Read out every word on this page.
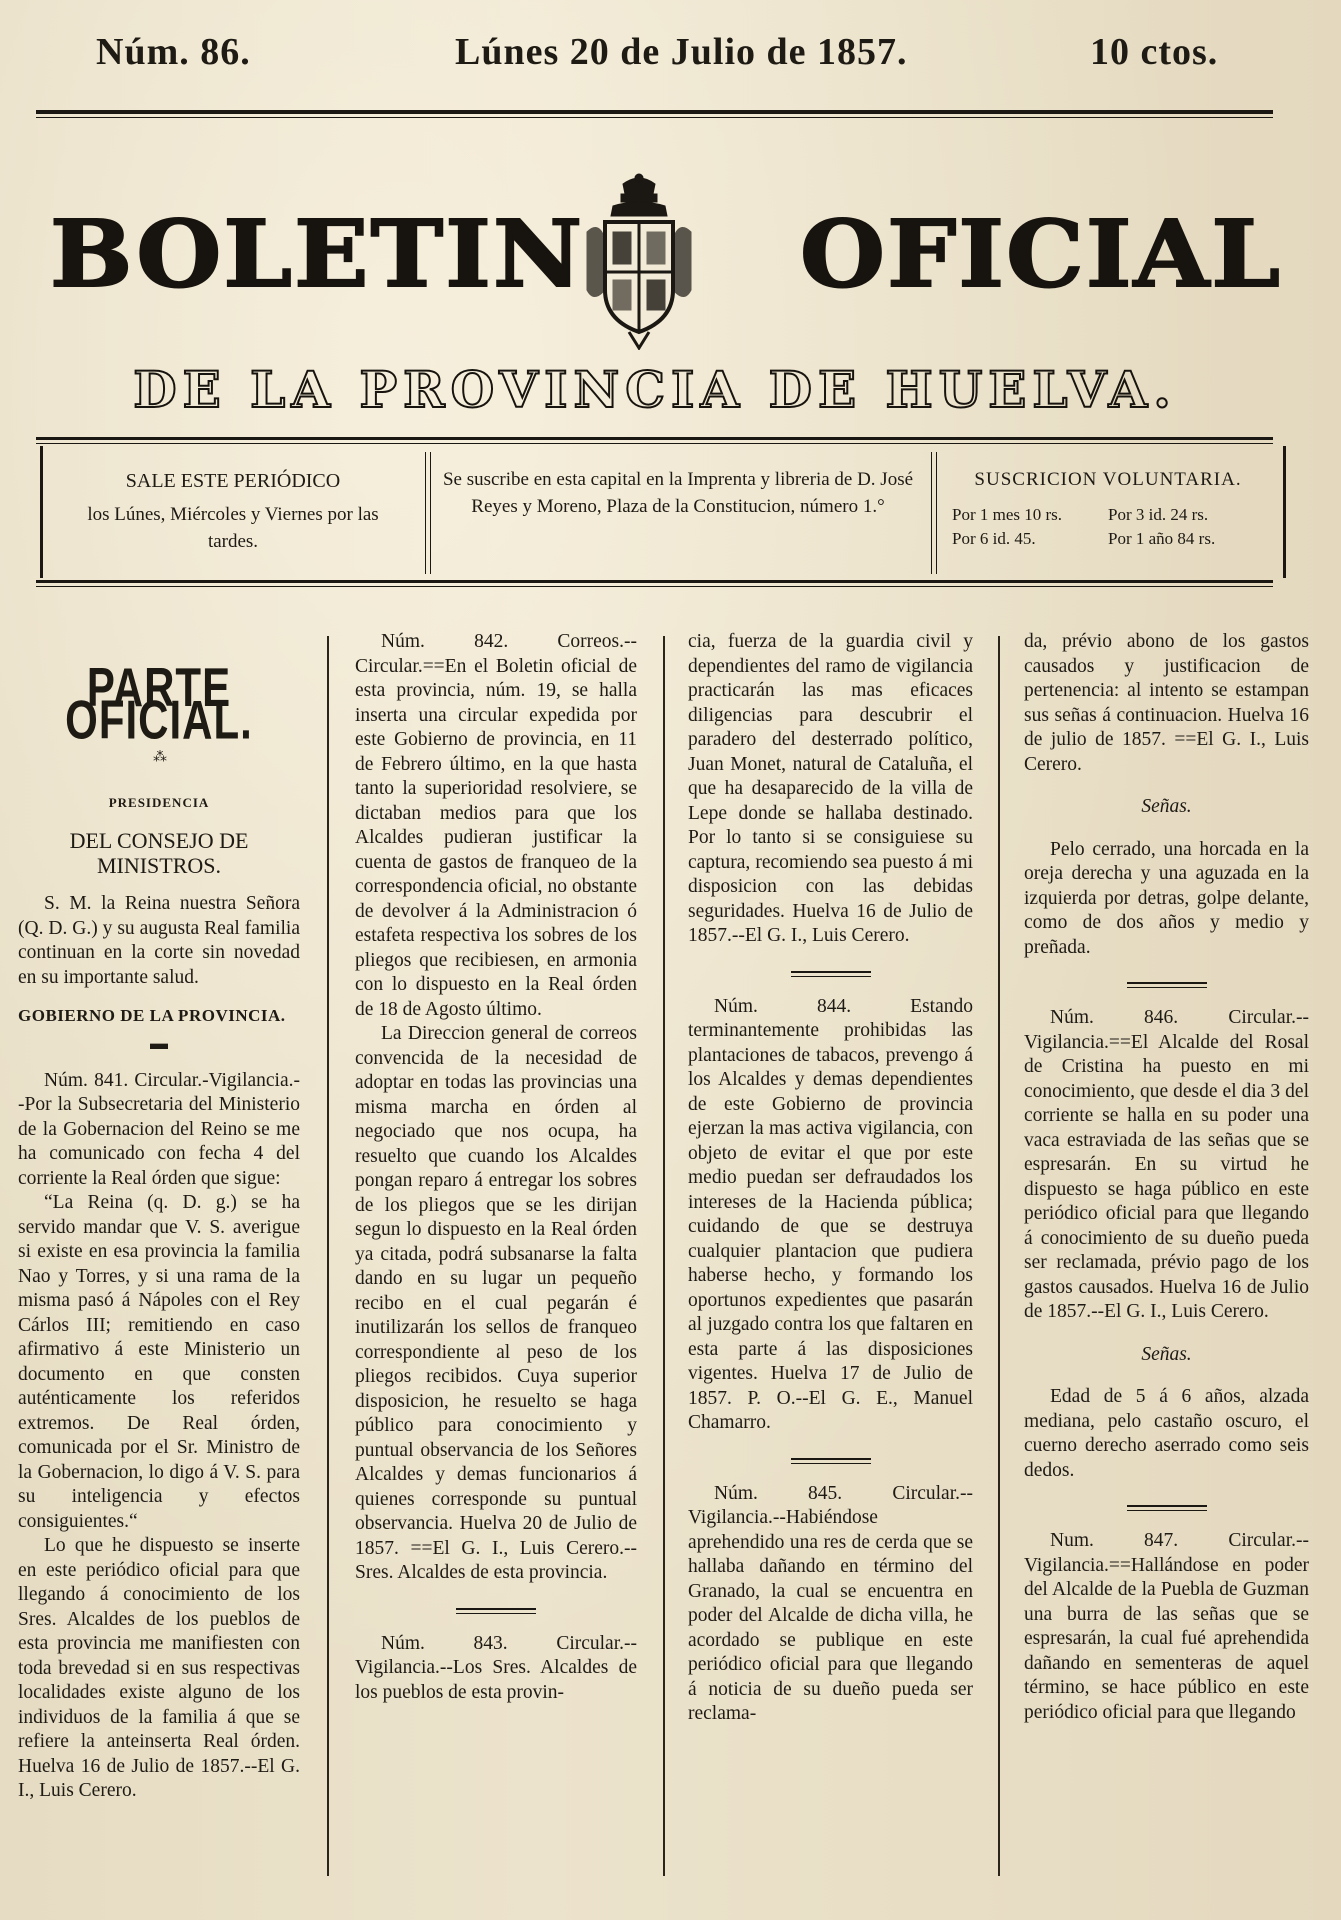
Núm. 86.	Lúnes 20 de Julio de 1857.	10 ctos.
BOLETIN OFICIAL
DE LA PROVINCIA DE HUELVA.
SALE ESTE PERIÓDICO
los Lúnes, Miércoles y Viernes por las tardes.
Se suscribe en esta capital en la Imprenta y libreria de D. José Reyes y Moreno, Plaza de la Constitucion, número 1.°
SUSCRICION VOLUNTARIA.
Por 1 mes 10 rs.	Por 3 id. 24 rs.
Por 6 id. 45.	Por 1 año 84 rs.
PARTE OFICIAL.
⁂
PRESIDENCIA
DEL CONSEJO DE MINISTROS.

S. M. la Reina nuestra Señora (Q. D. G.) y su augusta Real familia continuan en la corte sin novedad en su importante salud.

GOBIERNO DE LA PROVINCIA.
▬

Núm. 841. Circular.-Vigilancia.--Por la Subsecretaria del Ministerio de la Gobernacion del Reino se me ha comunicado con fecha 4 del corriente la Real órden que sigue:

“La Reina (q. D. g.) se ha servido mandar que V. S. averigue si existe en esa provincia la familia Nao y Torres, y si una rama de la misma pasó á Nápoles con el Rey Cárlos III; remitiendo en caso afirmativo á este Ministerio un documento en que consten auténticamente los referidos extremos. De Real órden, comunicada por el Sr. Ministro de la Gobernacion, lo digo á V. S. para su inteligencia y efectos consiguientes.“

Lo que he dispuesto se inserte en este periódico oficial para que llegando á conocimiento de los Sres. Alcaldes de los pueblos de esta provincia me manifiesten con toda brevedad si en sus respectivas localidades existe alguno de los individuos de la familia á que se refiere la anteinserta Real órden. Huelva 16 de Julio de 1857.--El G. I., Luis Cerero.

Núm. 842. Correos.--Circular.==En el Boletin oficial de esta provincia, núm. 19, se halla inserta una circular expedida por este Gobierno de provincia, en 11 de Febrero último, en la que hasta tanto la superioridad resolviere, se dictaban medios para que los Alcaldes pudieran justificar la cuenta de gastos de franqueo de la correspondencia oficial, no obstante de devolver á la Administracion ó estafeta respectiva los sobres de los pliegos que recibiesen, en armonia con lo dispuesto en la Real órden de 18 de Agosto último.

La Direccion general de correos convencida de la necesidad de adoptar en todas las provincias una misma marcha en órden al negociado que nos ocupa, ha resuelto que cuando los Alcaldes pongan reparo á entregar los sobres de los pliegos que se les dirijan segun lo dispuesto en la Real órden ya citada, podrá subsanarse la falta dando en su lugar un pequeño recibo en el cual pegarán é inutilizarán los sellos de franqueo correspondiente al peso de los pliegos recibidos. Cuya superior disposicion, he resuelto se haga público para conocimiento y puntual observancia de los Señores Alcaldes y demas funcionarios á quienes corresponde su puntual observancia. Huelva 20 de Julio de 1857. ==El G. I., Luis Cerero.--Sres. Alcaldes de esta provincia.

Núm. 843. Circular.--Vigilancia.--Los Sres. Alcaldes de los pueblos de esta provin-

cia, fuerza de la guardia civil y dependientes del ramo de vigilancia practicarán las mas eficaces diligencias para descubrir el paradero del desterrado político, Juan Monet, natural de Cataluña, el que ha desaparecido de la villa de Lepe donde se hallaba destinado. Por lo tanto si se consiguiese su captura, recomiendo sea puesto á mi disposicion con las debidas seguridades. Huelva 16 de Julio de 1857.--El G. I., Luis Cerero.

Núm. 844. Estando terminantemente prohibidas las plantaciones de tabacos, prevengo á los Alcaldes y demas dependientes de este Gobierno de provincia ejerzan la mas activa vigilancia, con objeto de evitar el que por este medio puedan ser defraudados los intereses de la Hacienda pública; cuidando de que se destruya cualquier plantacion que pudiera haberse hecho, y formando los oportunos expedientes que pasarán al juzgado contra los que faltaren en esta parte á las disposiciones vigentes. Huelva 17 de Julio de 1857. P. O.--El G. E., Manuel Chamarro.

Núm. 845. Circular.--Vigilancia.--Habiéndose aprehendido una res de cerda que se hallaba dañando en término del Granado, la cual se encuentra en poder del Alcalde de dicha villa, he acordado se publique en este periódico oficial para que llegando á noticia de su dueño pueda ser reclama-

da, prévio abono de los gastos causados y justificacion de pertenencia: al intento se estampan sus señas á continuacion. Huelva 16 de julio de 1857. ==El G. I., Luis Cerero.

Señas.

Pelo cerrado, una horcada en la oreja derecha y una aguzada en la izquierda por detras, golpe delante, como de dos años y medio y preñada.

Núm. 846. Circular.--Vigilancia.==El Alcalde del Rosal de Cristina ha puesto en mi conocimiento, que desde el dia 3 del corriente se halla en su poder una vaca estraviada de las señas que se espresarán. En su virtud he dispuesto se haga público en este periódico oficial para que llegando á conocimiento de su dueño pueda ser reclamada, prévio pago de los gastos causados. Huelva 16 de Julio de 1857.--El G. I., Luis Cerero.

Señas.

Edad de 5 á 6 años, alzada mediana, pelo castaño oscuro, el cuerno derecho aserrado como seis dedos.

Num. 847. Circular.--Vigilancia.==Hallándose en poder del Alcalde de la Puebla de Guzman una burra de las señas que se espresarán, la cual fué aprehendida dañando en sementeras de aquel término, se hace público en este periódico oficial para que llegando
